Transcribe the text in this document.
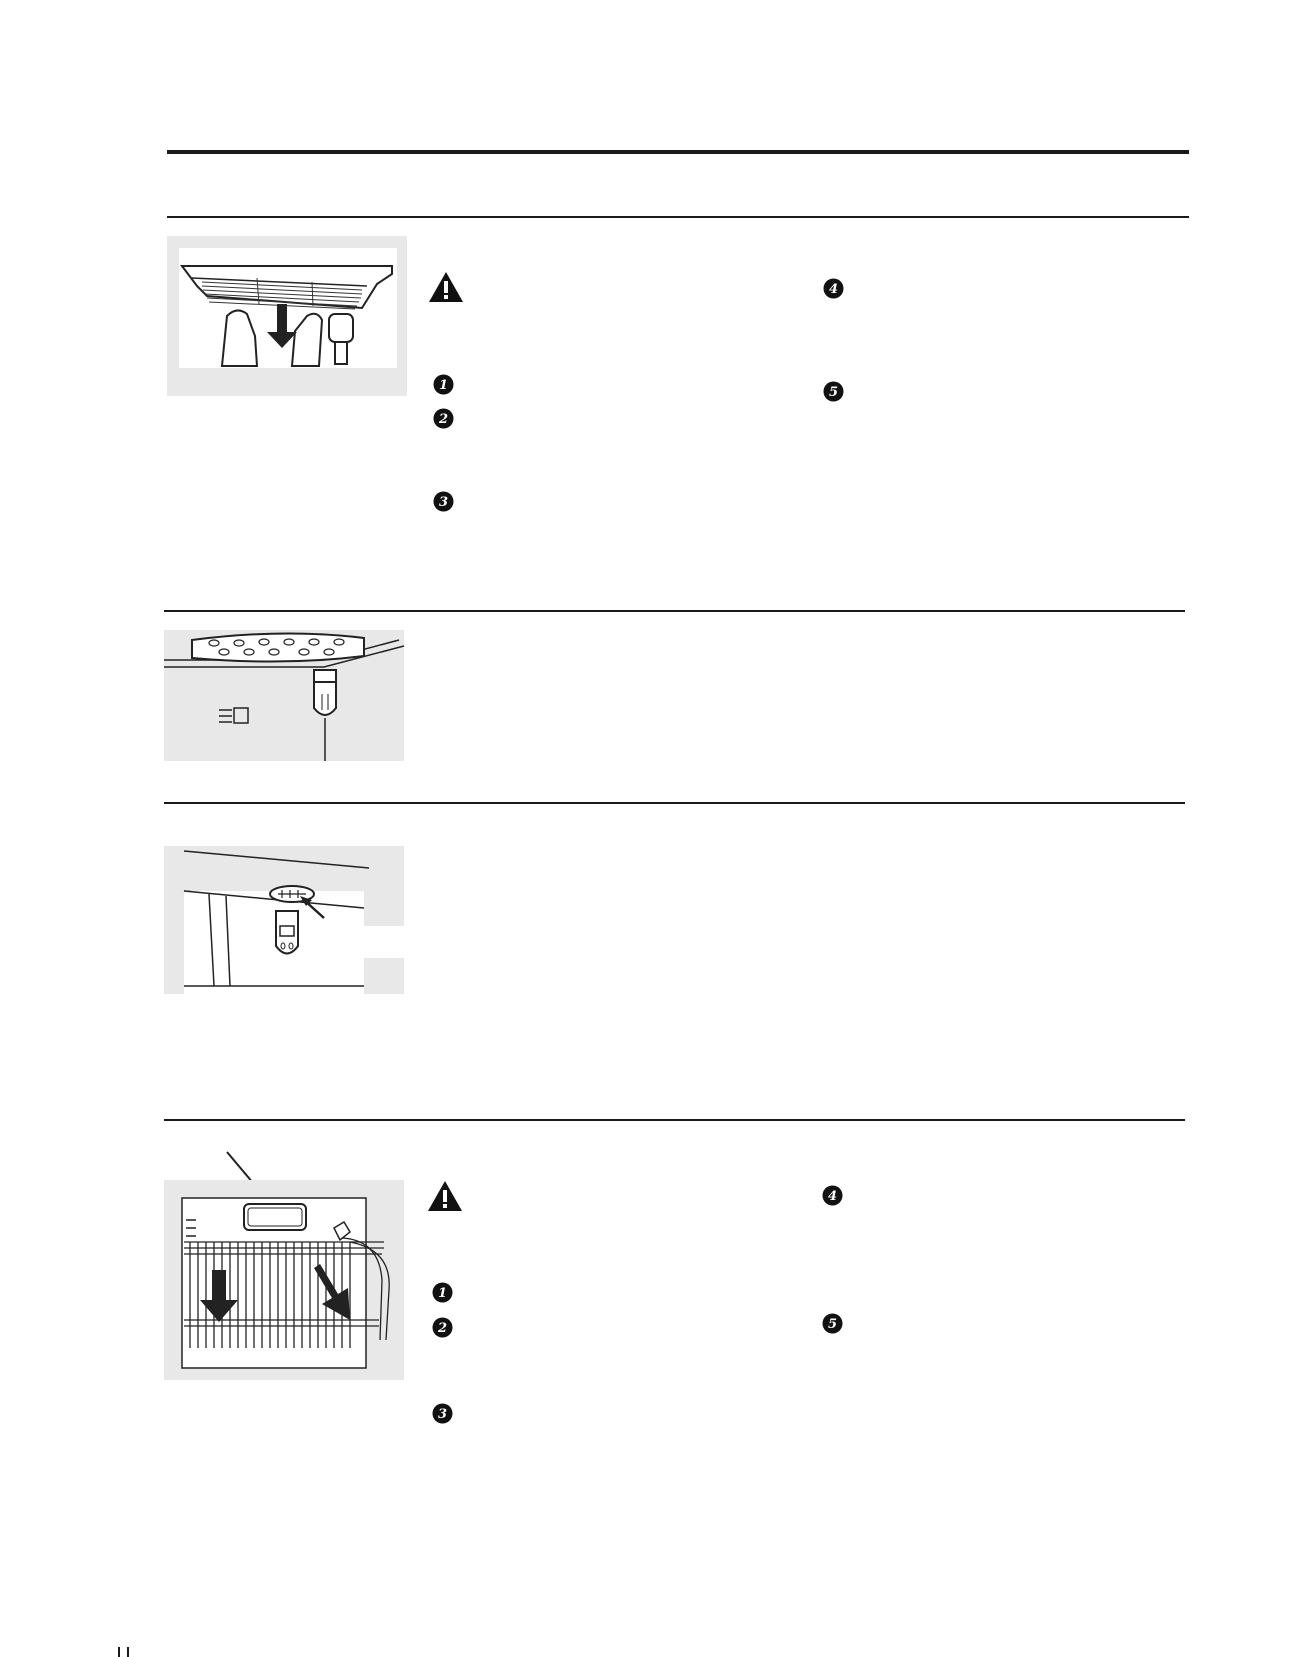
1
2
3
4
5
1
2
3
4
5
